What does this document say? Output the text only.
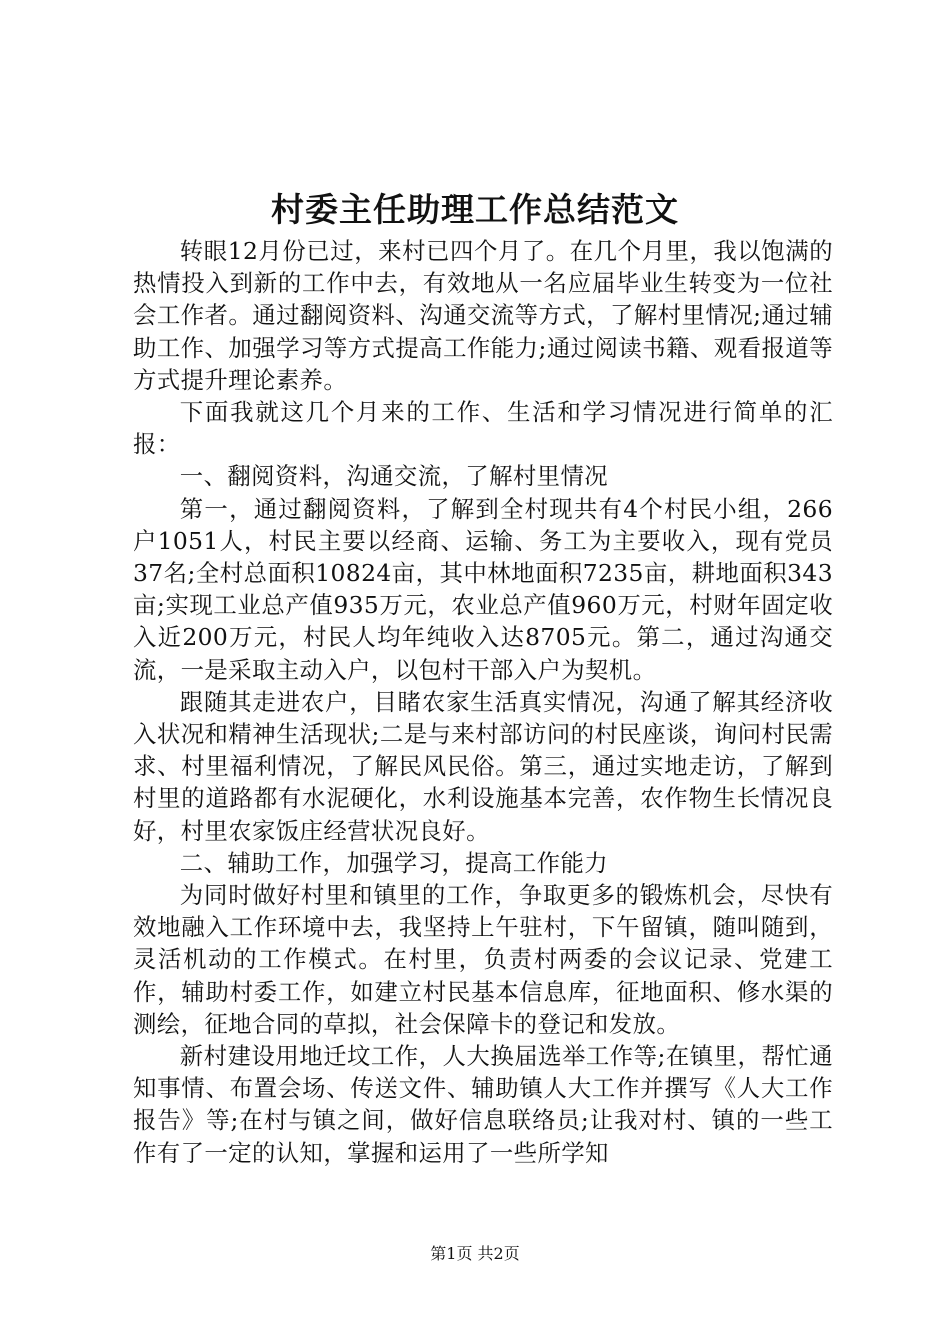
村委主任助理工作总结范文

转眼12月份已过，来村已四个月了。在几个月里，我以饱满的热情投入到新的工作中去，有效地从一名应届毕业生转变为一位社会工作者。通过翻阅资料、沟通交流等方式，了解村里情况;通过辅助工作、加强学习等方式提高工作能力;通过阅读书籍、观看报道等方式提升理论素养。

下面我就这几个月来的工作、生活和学习情况进行简单的汇报：

一、翻阅资料，沟通交流，了解村里情况

第一，通过翻阅资料，了解到全村现共有4个村民小组，266户1051人，村民主要以经商、运输、务工为主要收入，现有党员37名;全村总面积10824亩，其中林地面积7235亩，耕地面积343亩;实现工业总产值935万元，农业总产值960万元，村财年固定收入近200万元，村民人均年纯收入达8705元。第二，通过沟通交流，一是采取主动入户，以包村干部入户为契机。

跟随其走进农户，目睹农家生活真实情况，沟通了解其经济收入状况和精神生活现状;二是与来村部访问的村民座谈，询问村民需求、村里福利情况，了解民风民俗。第三，通过实地走访，了解到村里的道路都有水泥硬化，水利设施基本完善，农作物生长情况良好，村里农家饭庄经营状况良好。

二、辅助工作，加强学习，提高工作能力

为同时做好村里和镇里的工作，争取更多的锻炼机会，尽快有效地融入工作环境中去，我坚持上午驻村，下午留镇，随叫随到，灵活机动的工作模式。在村里，负责村两委的会议记录、党建工作，辅助村委工作，如建立村民基本信息库，征地面积、修水渠的测绘，征地合同的草拟，社会保障卡的登记和发放。

新村建设用地迁坟工作，人大换届选举工作等;在镇里，帮忙通知事情、布置会场、传送文件、辅助镇人大工作并撰写《人大工作报告》等;在村与镇之间，做好信息联络员;让我对村、镇的一些工作有了一定的认知，掌握和运用了一些所学知

第1页 共2页
